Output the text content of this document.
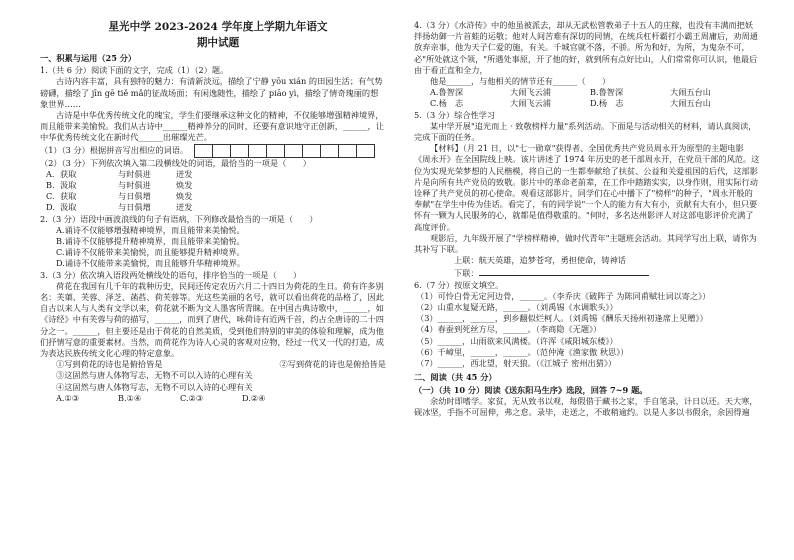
星光中学 2023-2024 学年度上学期九年语文
期中试题

一、积累与运用（25 分）

1.（共 6 分）阅读下面的文字，完成（1）（2）题。

古诗内容丰富，具有独特的魅力：有清新淡远，描绘了宁静 yōu xián 的田园生活；有气势磅礴，描绘了 jīn gē tiě mǎ的征战场面；有闲逸随性，描绘了 piāo yì，描绘了情奇瑰丽的想象世界……

古诗是中华优秀传统文化的瑰宝，学生们要继承这种文化的精神，不仅能够增强精神境界，而且能带来美愉悦。我们从古诗中______精神养分的同时，还要有意识地守正创新，______，让中华优秀传统文化在新时代______出璀璨光芒。

（1）（3 分）根据拼音写出相应的词语。

（2）（3 分）下列依次填入第二段横线处的词语，最恰当的一项是（　　）

A. 获取	与时俱进	迸发
B. 汲取	与时俱进	焕发
C. 获取	与日俱增	焕发
D. 汲取	与日俱增	迸发

2.（3 分）语段中画波浪线的句子有语病，下列修改最恰当的一项是（　　）

A.诵诗不仅能够增强精神境界，而且能带来美愉悦。

B.诵诗不仅能够提升精神境界，而且能带来美愉悦。

C.诵诗不仅能带来美愉悦，而且能够提升精神境界。

D.诵诗不仅能带来美愉悦，而且能够升华精神境界。

3.（3 分）依次填入语段两处横线处的语句，排序恰当的一项是（　　）

荷花在我国有几千年的栽种历史，民间还传定农历六月二十四日为荷花的生日。荷有许多别名：芙蕖、芙蓉、泽芝、菡萏、荷芙蓉等。光这些美丽的名号，就可以看出荷花的品格了，因此自古以来人与人类有文学以来，荷花就不断为文人墨客所青睐。在中国古典诗歌中，______，如《诗经》中有芙蓉与荷的描写，______，而到了唐代，咏荷诗有近两千首，约占全唐诗的二十四分之一。______，但主要还是由于荷花的自然美质，受到他们特别的审美的体验和理解，成为他们抒情写意的重要素材。当然，而荷花作为诗人心灵的客观对应物，经过一代又一代的打造，成为表达民族传统文化心理的特定意象。

①写到荷花的诗也是俯拾皆是	②写到荷花的诗也是俯拾皆是

③这固然与唐人体物写志，无物不可以入诗的心理有关

④这固然与唐人体物写志，无物不可以入诗的心理有关

A.①③	B.①④	C.②③	D.②④

4.（3 分）《水浒传》中的他虽被派去，却从无武松管教弟子十五人的庄稼，也没有丰满而把妖拌扬幼御一片首蛙的运敬；他对人间苦难有深切的同情，在统兵杠杆霸打小霸王周庸后，劝周通放弃亲事，他为天子仁爱的施，有关。千城官就不落，不骄。所为和好，为所，为鬼杂不可，必"所处就这个领，"所遇处事原，开了他的好，就到所有点好比山，人们常常你可认识，他最后由于看正直和全力，

他是______，与他相关的情节还有______（　　）

A.鲁智深	大闹飞云浦	B.鲁智深	大闹五台山
C.杨　志	大闹飞云浦	D.杨　志	大闹五台山

5.（3 分）综合性学习

某中学开展"追光而上 · 致敬榜样力量"系列活动。下面是与活动相关的材料，请认真阅读，完成下面的任务。

【材料】（月 21 日，以"七一勋章"获得者、全国优秀共产党员周永开为原型的主题电影《周永开》在全国院线上映。该片讲述了 1974 年历史的老干部周永开，在党员干部的风范。这位为实现光荣梦想的人民楷模，将自己的一生都奉献给了扶贫、公益和关爱祖国的后代，这部影片是向所有共产党员的致敬。影片中的革命老前辈，在工作中踏踏实实，以身作则，用实际行动诠释了共产党员的初心使命。观看这部影片，同学们在心中播下了"榜样"的种子，"周永开般的奉献"在学生中传为佳话。看完了，有的同学说"一个人的能力有大有小，贡献有大有小，但只要怀有一颗为人民服务的心，就都是值得敬重的。"何时，多名达州影评人对这部电影评价充满了高度评价。

观影后，九年级开展了"学榜样精神，做时代青年"主题班会活动。其同学写出上联，请你为其补写下联。

上联：航天英雄，追梦苍穹，勇担使命，铸神话

下联：

6.（7 分）按原文填空。

（1）可怜白骨无定河边骨，______。（李乔庆《破阵子 为陈同甫赋壮词以寄之》）

（2）山重水复疑无路，______。（刘禹锡《水调歌头》）

（3）______，______，到乡翻似烂柯人。（刘禹锡《酬乐天扬州初逢席上见赠》）

（4）春蚕到死丝方尽，______。（李商隐《无题》）

（5）______，山雨欲来风满楼。（许浑《咸阳城东楼》）

（6）千嶂里，______，______。（范仲淹《渔家傲 秋思》）

（7）______，西北望，射天狼。（《江城子 密州出猎》）

二、阅读（共 45 分）

（一）（共 10 分）阅读《送东阳马生序》选段，回答 7~9 题。

余幼时即嗜学。家贫，无从致书以观，每假借于藏书之家，手自笔录，计日以还。天大寒，砚冰坚，手指不可屈伸，弗之怠。录毕，走送之，不敢稍逾约。以是人多以书假余，余因得遍
